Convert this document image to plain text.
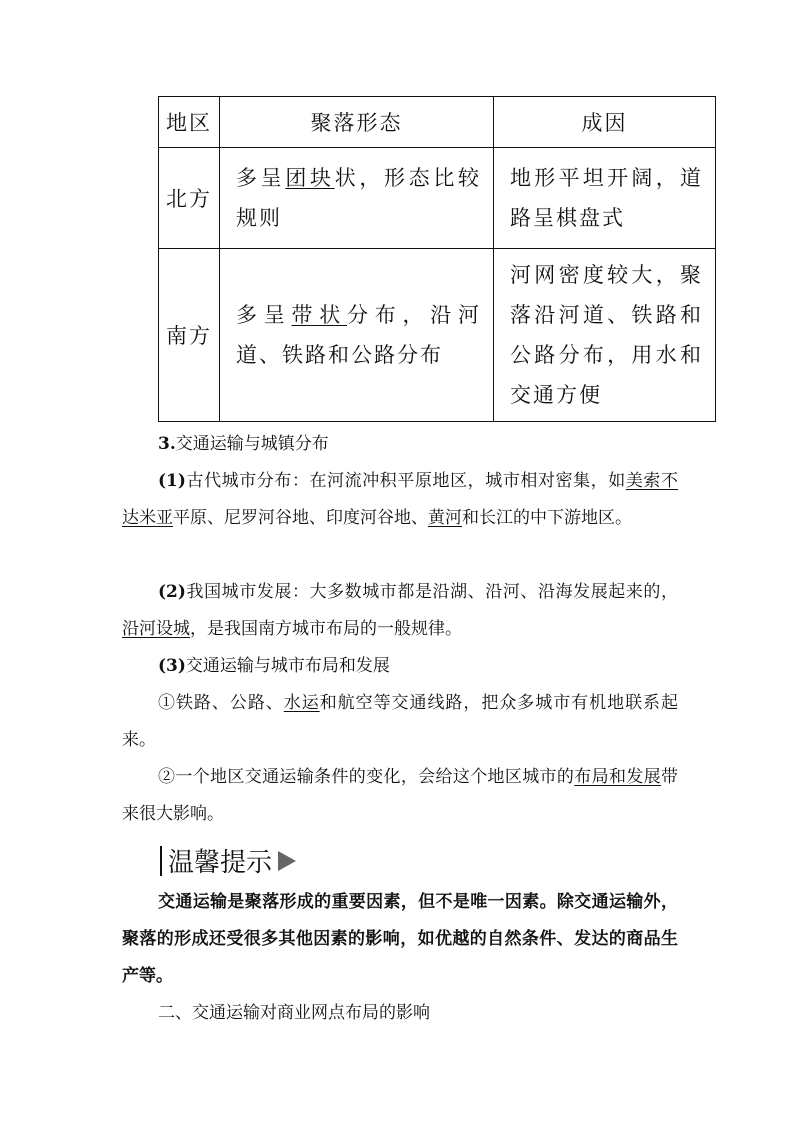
地区	聚落形态	成因
北方	多呈团块状，形态比较规则	地形平坦开阔，道路呈棋盘式
南方	多呈带状分布，沿河道、铁路和公路分布	河网密度较大，聚落沿河道、铁路和公路分布，用水和交通方便
3.交通运输与城镇分布
(1)古代城市分布：在河流冲积平原地区，城市相对密集，如美索不达米亚平原、尼罗河谷地、印度河谷地、黄河和长江的中下游地区。
(2)我国城市发展：大多数城市都是沿湖、沿河、沿海发展起来的，沿河设城，是我国南方城市布局的一般规律。
(3)交通运输与城市布局和发展
①铁路、公路、水运和航空等交通线路，把众多城市有机地联系起来。
②一个地区交通运输条件的变化，会给这个地区城市的布局和发展带来很大影响。
温馨提示
交通运输是聚落形成的重要因素，但不是唯一因素。除交通运输外，聚落的形成还受很多其他因素的影响，如优越的自然条件、发达的商品生产等。
二、交通运输对商业网点布局的影响
